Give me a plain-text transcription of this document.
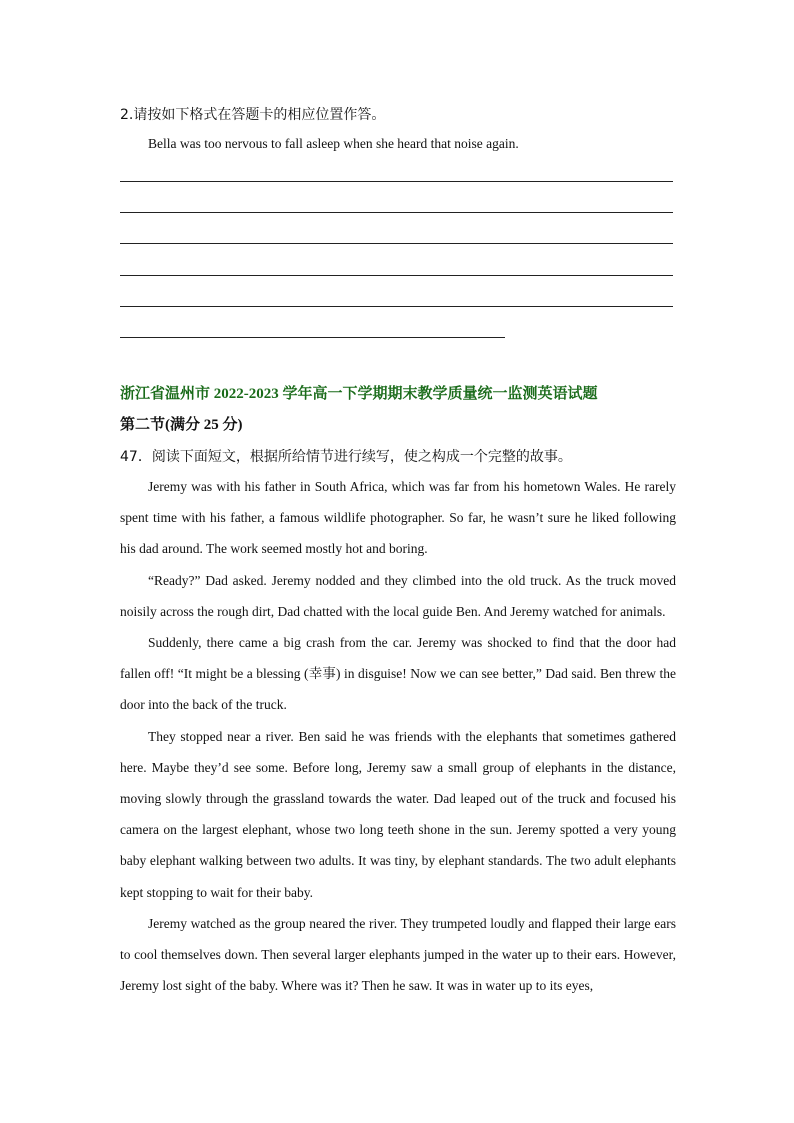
2.请按如下格式在答题卡的相应位置作答。
Bella was too nervous to fall asleep when she heard that noise again.
浙江省温州市 2022-2023 学年高一下学期期末教学质量统一监测英语试题
第二节(满分 25 分)
47．阅读下面短文，根据所给情节进行续写，使之构成一个完整的故事。

Jeremy was with his father in South Africa, which was far from his hometown Wales. He rarely spent time with his father, a famous wildlife photographer. So far, he wasn’t sure he liked following his dad around. The work seemed mostly hot and boring.

“Ready?” Dad asked. Jeremy nodded and they climbed into the old truck. As the truck moved noisily across the rough dirt, Dad chatted with the local guide Ben. And Jeremy watched for animals.

Suddenly, there came a big crash from the car. Jeremy was shocked to find that the door had fallen off! “It might be a blessing (幸事) in disguise! Now we can see better,” Dad said. Ben threw the door into the back of the truck.

They stopped near a river. Ben said he was friends with the elephants that sometimes gathered here. Maybe they’d see some. Before long, Jeremy saw a small group of elephants in the distance, moving slowly through the grassland towards the water. Dad leaped out of the truck and focused his camera on the largest elephant, whose two long teeth shone in the sun. Jeremy spotted a very young baby elephant walking between two adults. It was tiny, by elephant standards. The two adult elephants kept stopping to wait for their baby.

Jeremy watched as the group neared the river. They trumpeted loudly and flapped their large ears to cool themselves down. Then several larger elephants jumped in the water up to their ears. However, Jeremy lost sight of the baby. Where was it? Then he saw. It was in water up to its eyes,
